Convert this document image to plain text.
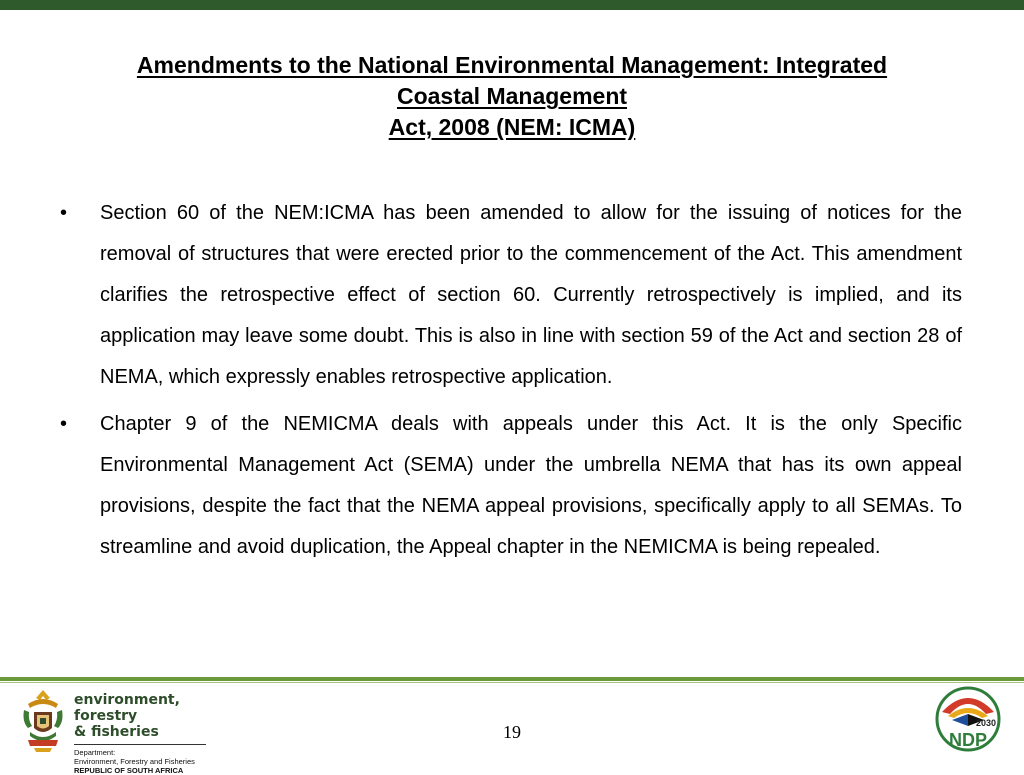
Amendments to the National Environmental Management: Integrated
Coastal Management
Act, 2008 (NEM: ICMA)
• Section 60 of the NEM:ICMA has been amended to allow for the issuing of notices for the removal of structures that were erected prior to the commencement of the Act. This amendment clarifies the retrospective effect of section 60. Currently retrospectively is implied, and its application may leave some doubt. This is also in line with section 59 of the Act and section 28 of NEMA, which expressly enables retrospective application.
• Chapter 9 of the NEMICMA deals with appeals under this Act. It is the only Specific Environmental Management Act (SEMA) under the umbrella NEMA that has its own appeal provisions, despite the fact that the NEMA appeal provisions, specifically apply to all SEMAs. To streamline and avoid duplication, the Appeal chapter in the NEMICMA is being repealed.
environment, forestry
& fisheries
Department:
Environment, Forestry and Fisheries
REPUBLIC OF SOUTH AFRICA
19	2030
NDP
